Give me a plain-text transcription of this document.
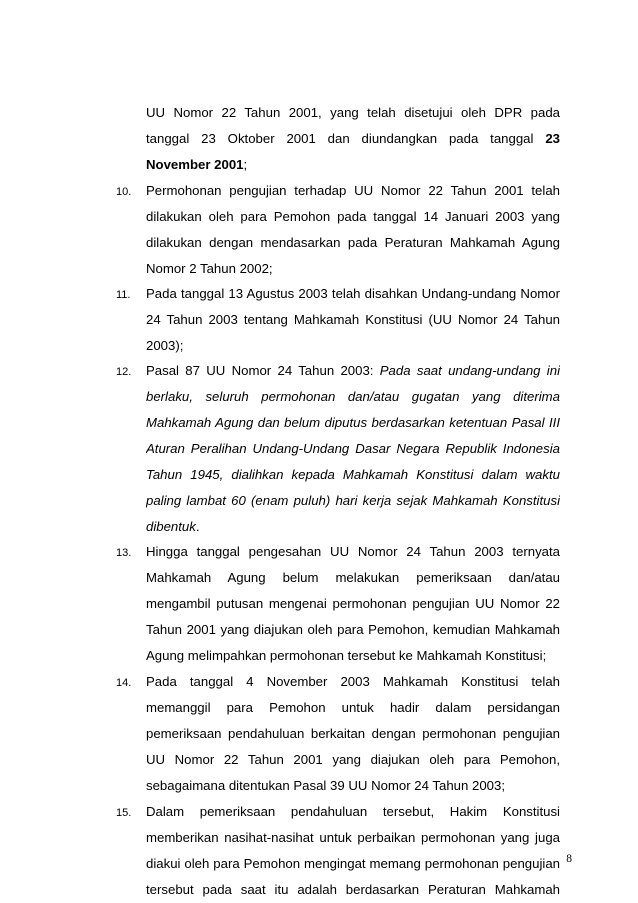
UU Nomor 22 Tahun 2001, yang telah disetujui oleh DPR pada
tanggal 23 Oktober 2001 dan diundangkan pada tanggal 23
November 2001;
10. Permohonan pengujian terhadap UU Nomor 22 Tahun 2001 telah
dilakukan oleh para Pemohon pada tanggal 14 Januari 2003 yang
dilakukan dengan mendasarkan pada Peraturan Mahkamah Agung
Nomor 2 Tahun 2002;
11. Pada tanggal 13 Agustus 2003 telah disahkan Undang-undang Nomor
24 Tahun 2003 tentang Mahkamah Konstitusi (UU Nomor 24 Tahun
2003);
12. Pasal 87 UU Nomor 24 Tahun 2003: Pada saat undang-undang ini
berlaku, seluruh permohonan dan/atau gugatan yang diterima
Mahkamah Agung dan belum diputus berdasarkan ketentuan Pasal III
Aturan Peralihan Undang-Undang Dasar Negara Republik Indonesia
Tahun 1945, dialihkan kepada Mahkamah Konstitusi dalam waktu
paling lambat 60 (enam puluh) hari kerja sejak Mahkamah Konstitusi
dibentuk.
13. Hingga tanggal pengesahan UU Nomor 24 Tahun 2003 ternyata
Mahkamah Agung belum melakukan pemeriksaan dan/atau
mengambil putusan mengenai permohonan pengujian UU Nomor 22
Tahun 2001 yang diajukan oleh para Pemohon, kemudian Mahkamah
Agung melimpahkan permohonan tersebut ke Mahkamah Konstitusi;
14. Pada tanggal 4 November 2003 Mahkamah Konstitusi telah
memanggil para Pemohon untuk hadir dalam persidangan
pemeriksaan pendahuluan berkaitan dengan permohonan pengujian
UU Nomor 22 Tahun 2001 yang diajukan oleh para Pemohon,
sebagaimana ditentukan Pasal 39 UU Nomor 24 Tahun 2003;
15. Dalam pemeriksaan pendahuluan tersebut, Hakim Konstitusi
memberikan nasihat-nasihat untuk perbaikan permohonan yang juga
diakui oleh para Pemohon mengingat memang permohonan pengujian
tersebut pada saat itu adalah berdasarkan Peraturan Mahkamah
8
